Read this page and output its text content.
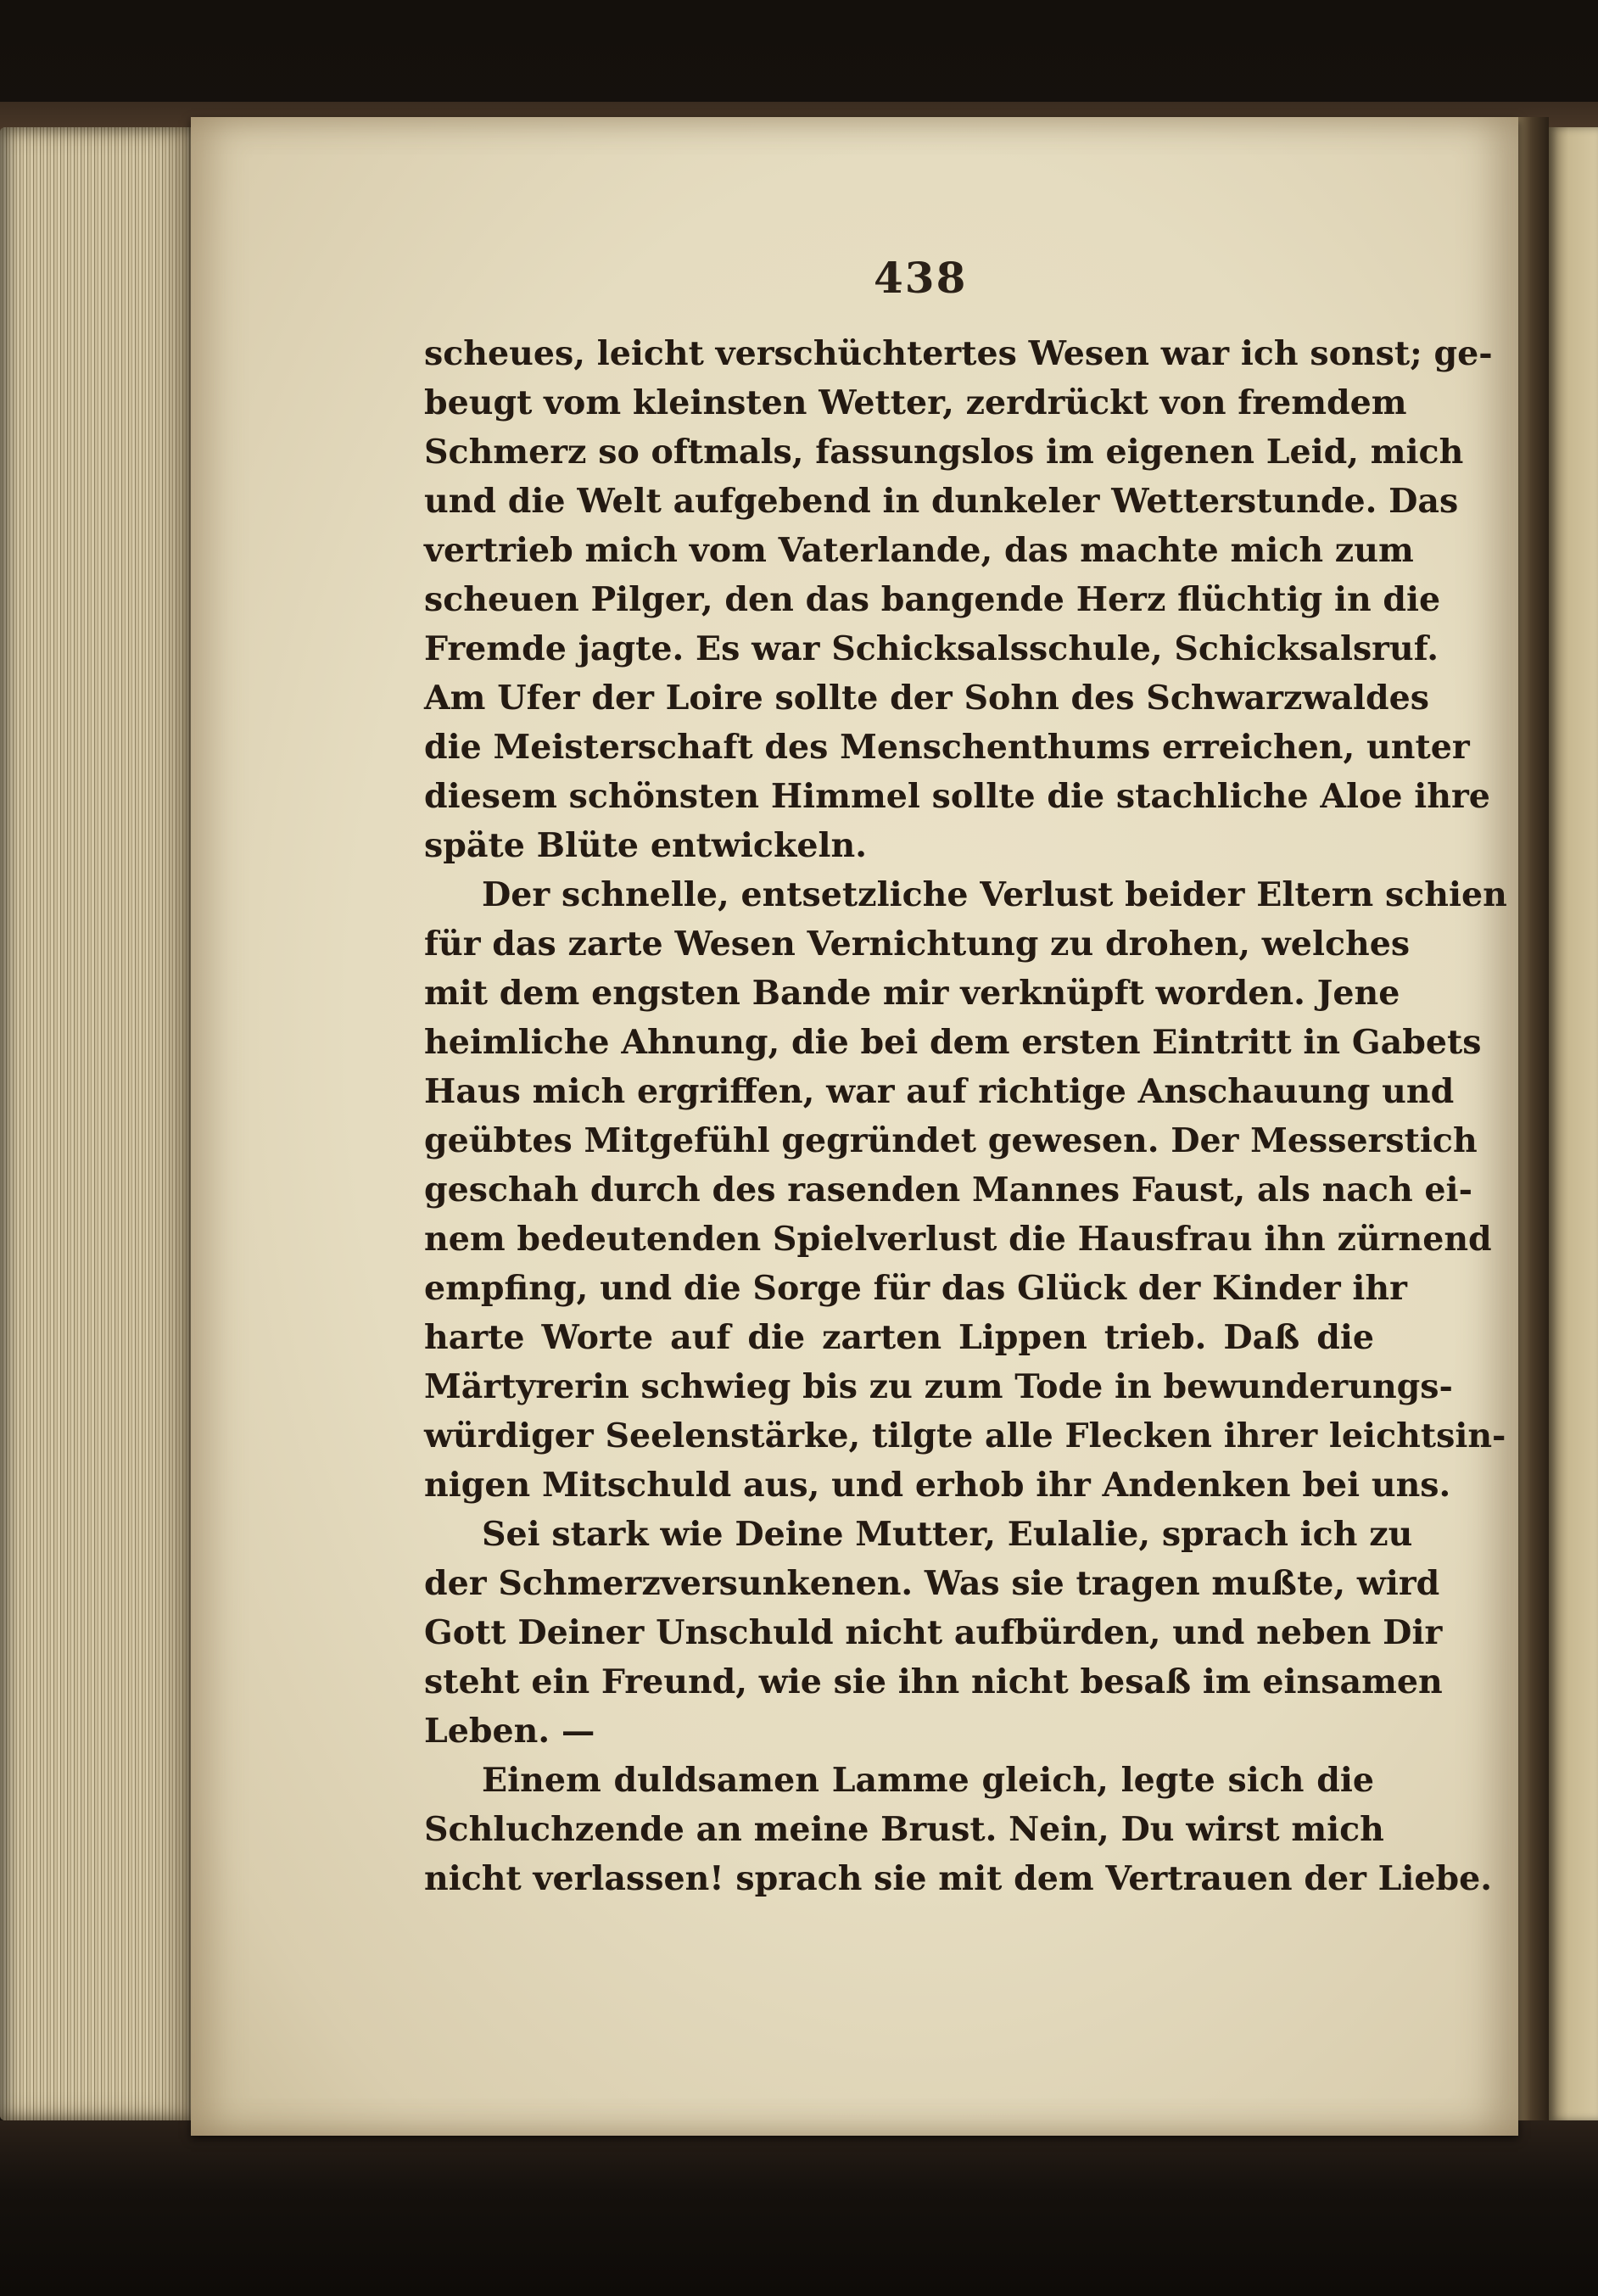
438
scheues, leicht verschüchtertes Wesen war ich sonst; ge-
beugt vom kleinsten Wetter, zerdrückt von fremdem
Schmerz so oftmals, fassungslos im eigenen Leid, mich
und die Welt aufgebend in dunkeler Wetterstunde. Das
vertrieb mich vom Vaterlande, das machte mich zum
scheuen Pilger, den das bangende Herz flüchtig in die
Fremde jagte. Es war Schicksalsschule, Schicksalsruf.
Am Ufer der Loire sollte der Sohn des Schwarzwaldes
die Meisterschaft des Menschenthums erreichen, unter
diesem schönsten Himmel sollte die stachliche Aloe ihre
späte Blüte entwickeln.
Der schnelle, entsetzliche Verlust beider Eltern schien
für das zarte Wesen Vernichtung zu drohen, welches
mit dem engsten Bande mir verknüpft worden. Jene
heimliche Ahnung, die bei dem ersten Eintritt in Gabets
Haus mich ergriffen, war auf richtige Anschauung und
geübtes Mitgefühl gegründet gewesen. Der Messerstich
geschah durch des rasenden Mannes Faust, als nach ei-
nem bedeutenden Spielverlust die Hausfrau ihn zürnend
empfing, und die Sorge für das Glück der Kinder ihr
harte Worte auf die zarten Lippen trieb. Daß die
Märtyrerin schwieg bis zu zum Tode in bewunderungs-
würdiger Seelenstärke, tilgte alle Flecken ihrer leichtsin-
nigen Mitschuld aus, und erhob ihr Andenken bei uns.
Sei stark wie Deine Mutter, Eulalie, sprach ich zu
der Schmerzversunkenen. Was sie tragen mußte, wird
Gott Deiner Unschuld nicht aufbürden, und neben Dir
steht ein Freund, wie sie ihn nicht besaß im einsamen
Leben. —
Einem duldsamen Lamme gleich, legte sich die
Schluchzende an meine Brust. Nein, Du wirst mich
nicht verlassen! sprach sie mit dem Vertrauen der Liebe.
